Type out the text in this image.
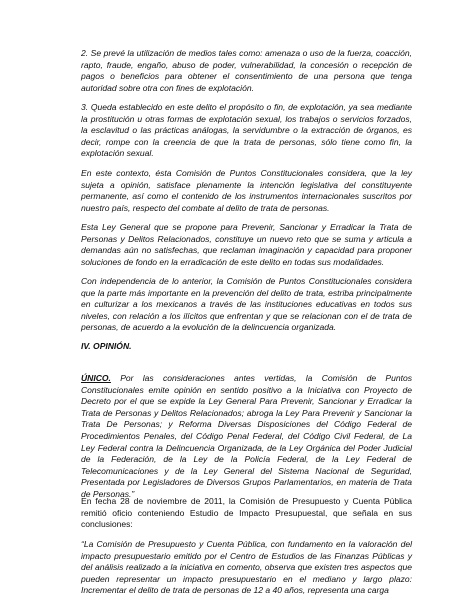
2. Se prevé la utilización de medios tales como: amenaza o uso de la fuerza, coacción, rapto, fraude, engaño, abuso de poder, vulnerabilidad, la concesión o recepción de pagos o beneficios para obtener el consentimiento de una persona que tenga autoridad sobre otra con fines de explotación.

3. Queda establecido en este delito el propósito o fin, de explotación, ya sea mediante la prostitución u otras formas de explotación sexual, los trabajos o servicios forzados, la esclavitud o las prácticas análogas, la servidumbre o la extracción de órganos, es decir, rompe con la creencia de que la trata de personas, sólo tiene como fin, la explotación sexual.

En este contexto, ésta Comisión de Puntos Constitucionales considera, que la ley sujeta a opinión, satisface plenamente la intención legislativa del constituyente permanente, así como el contenido de los instrumentos internacionales suscritos por nuestro país, respecto del combate al delito de trata de personas.

Esta Ley General que se propone para Prevenir, Sancionar y Erradicar la Trata de Personas y Delitos Relacionados, constituye un nuevo reto que se suma y articula a demandas aún no satisfechas, que reclaman imaginación y capacidad para proponer soluciones de fondo en la erradicación de este delito en todas sus modalidades.

Con independencia de lo anterior, la Comisión de Puntos Constitucionales considera que la parte más importante en la prevención del delito de trata, estriba principalmente en culturizar a los mexicanos a través de las instituciones educativas en todos sus niveles, con relación a los ilícitos que enfrentan y que se relacionan con el de trata de personas, de acuerdo a la evolución de la delincuencia organizada.

IV. OPINIÓN.

ÚNICO. Por las consideraciones antes vertidas, la Comisión de Puntos Constitucionales emite opinión en sentido positivo a la Iniciativa con Proyecto de Decreto por el que se expide la Ley General Para Prevenir, Sancionar y Erradicar la Trata de Personas y Delitos Relacionados; abroga la Ley Para Prevenir y Sancionar la Trata De Personas; y Reforma Diversas Disposiciones del Código Federal de Procedimientos Penales, del Código Penal Federal, del Código Civil Federal, de La Ley Federal contra la Delincuencia Organizada, de la Ley Orgánica del Poder Judicial de la Federación, de la Ley de la Policía Federal, de la Ley Federal de Telecomunicaciones y de la Ley General del Sistema Nacional de Seguridad, Presentada por Legisladores de Diversos Grupos Parlamentarios, en materia de Trata de Personas.”

En fecha 28 de noviembre de 2011, la Comisión de Presupuesto y Cuenta Pública remitió oficio conteniendo Estudio de Impacto Presupuestal, que señala en sus conclusiones:

“La Comisión de Presupuesto y Cuenta Pública, con fundamento en la valoración del impacto presupuestario emitido por el Centro de Estudios de las Finanzas Públicas y del análisis realizado a la iniciativa en comento, observa que existen tres aspectos que pueden representar un impacto presupuestario en el mediano y largo plazo: Incrementar el delito de trata de personas de 12 a 40 años, representa una carga
